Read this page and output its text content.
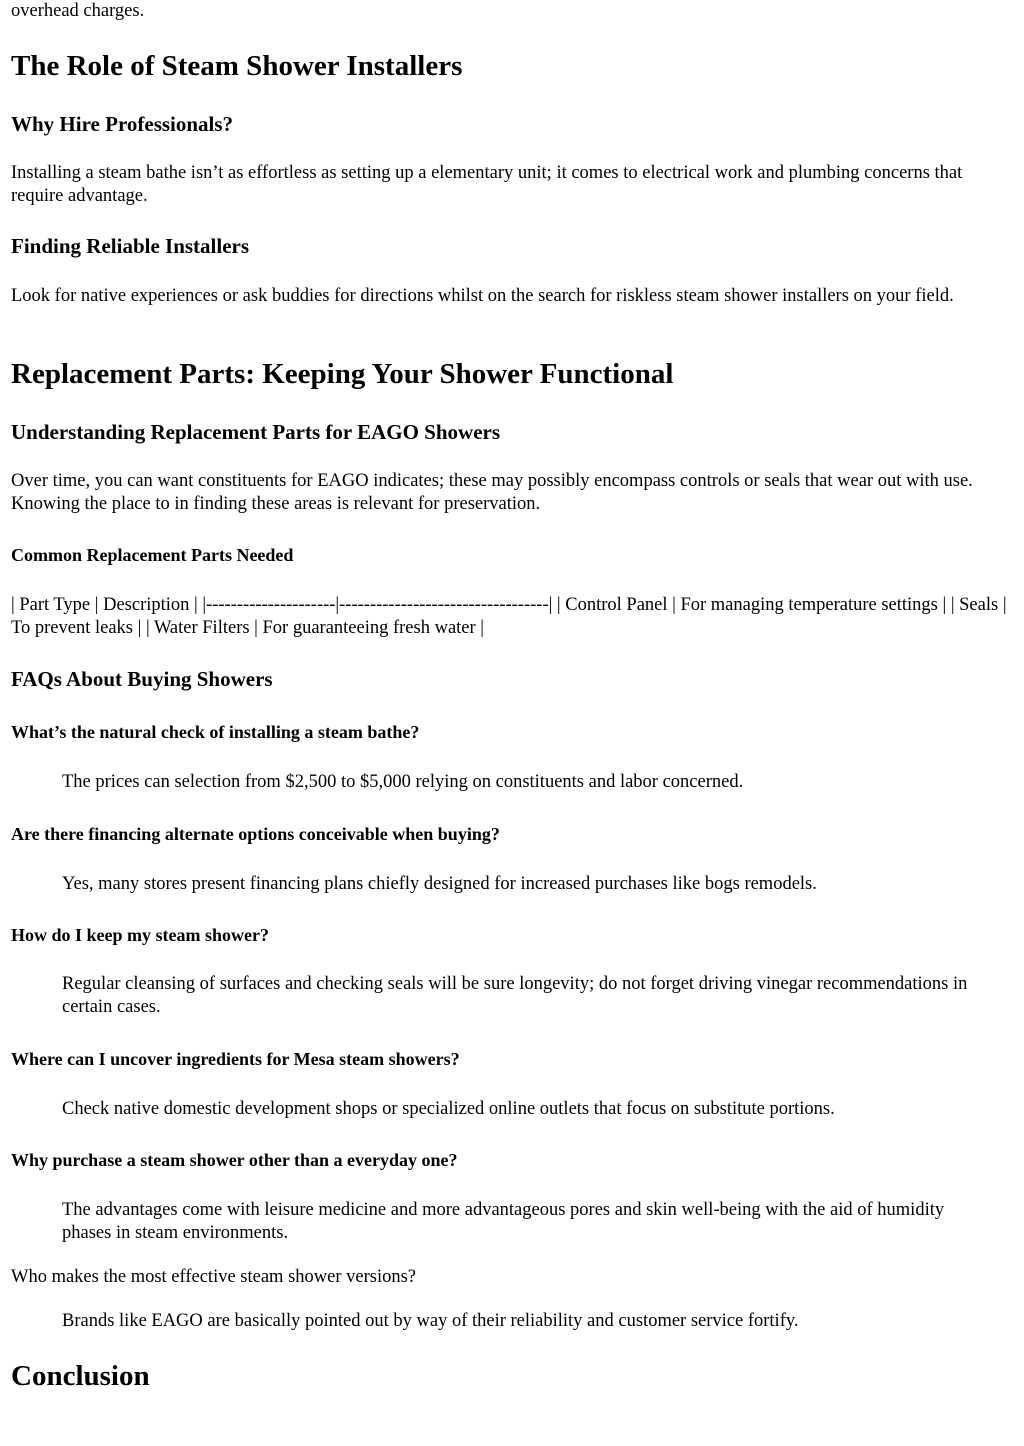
overhead charges.

The Role of Steam Shower Installers
Why Hire Professionals?

Installing a steam bathe isn’t as effortless as setting up a elementary unit; it comes to electrical work and plumbing concerns that require advantage.

Finding Reliable Installers

Look for native experiences or ask buddies for directions whilst on the search for riskless steam shower installers on your field.

Replacement Parts: Keeping Your Shower Functional
Understanding Replacement Parts for EAGO Showers

Over time, you can want constituents for EAGO indicates; these may possibly encompass controls or seals that wear out with use. Knowing the place to in finding these areas is relevant for preservation.

Common Replacement Parts Needed

| Part Type | Description | |---------------------|----------------------------------| | Control Panel | For managing temperature settings | | Seals | To prevent leaks | | Water Filters | For guaranteeing fresh water |

FAQs About Buying Showers
What’s the natural check of installing a steam bathe?

The prices can selection from $2,500 to $5,000 relying on constituents and labor concerned.

Are there financing alternate options conceivable when buying?

Yes, many stores present financing plans chiefly designed for increased purchases like bogs remodels.

How do I keep my steam shower?

Regular cleansing of surfaces and checking seals will be sure longevity; do not forget driving vinegar recommendations in certain cases.

Where can I uncover ingredients for Mesa steam showers?

Check native domestic development shops or specialized online outlets that focus on substitute portions.

Why purchase a steam shower other than a everyday one?

The advantages come with leisure medicine and more advantageous pores and skin well-being with the aid of humidity phases in steam environments.

Who makes the most effective steam shower versions?

Brands like EAGO are basically pointed out by way of their reliability and customer service fortify.

Conclusion
